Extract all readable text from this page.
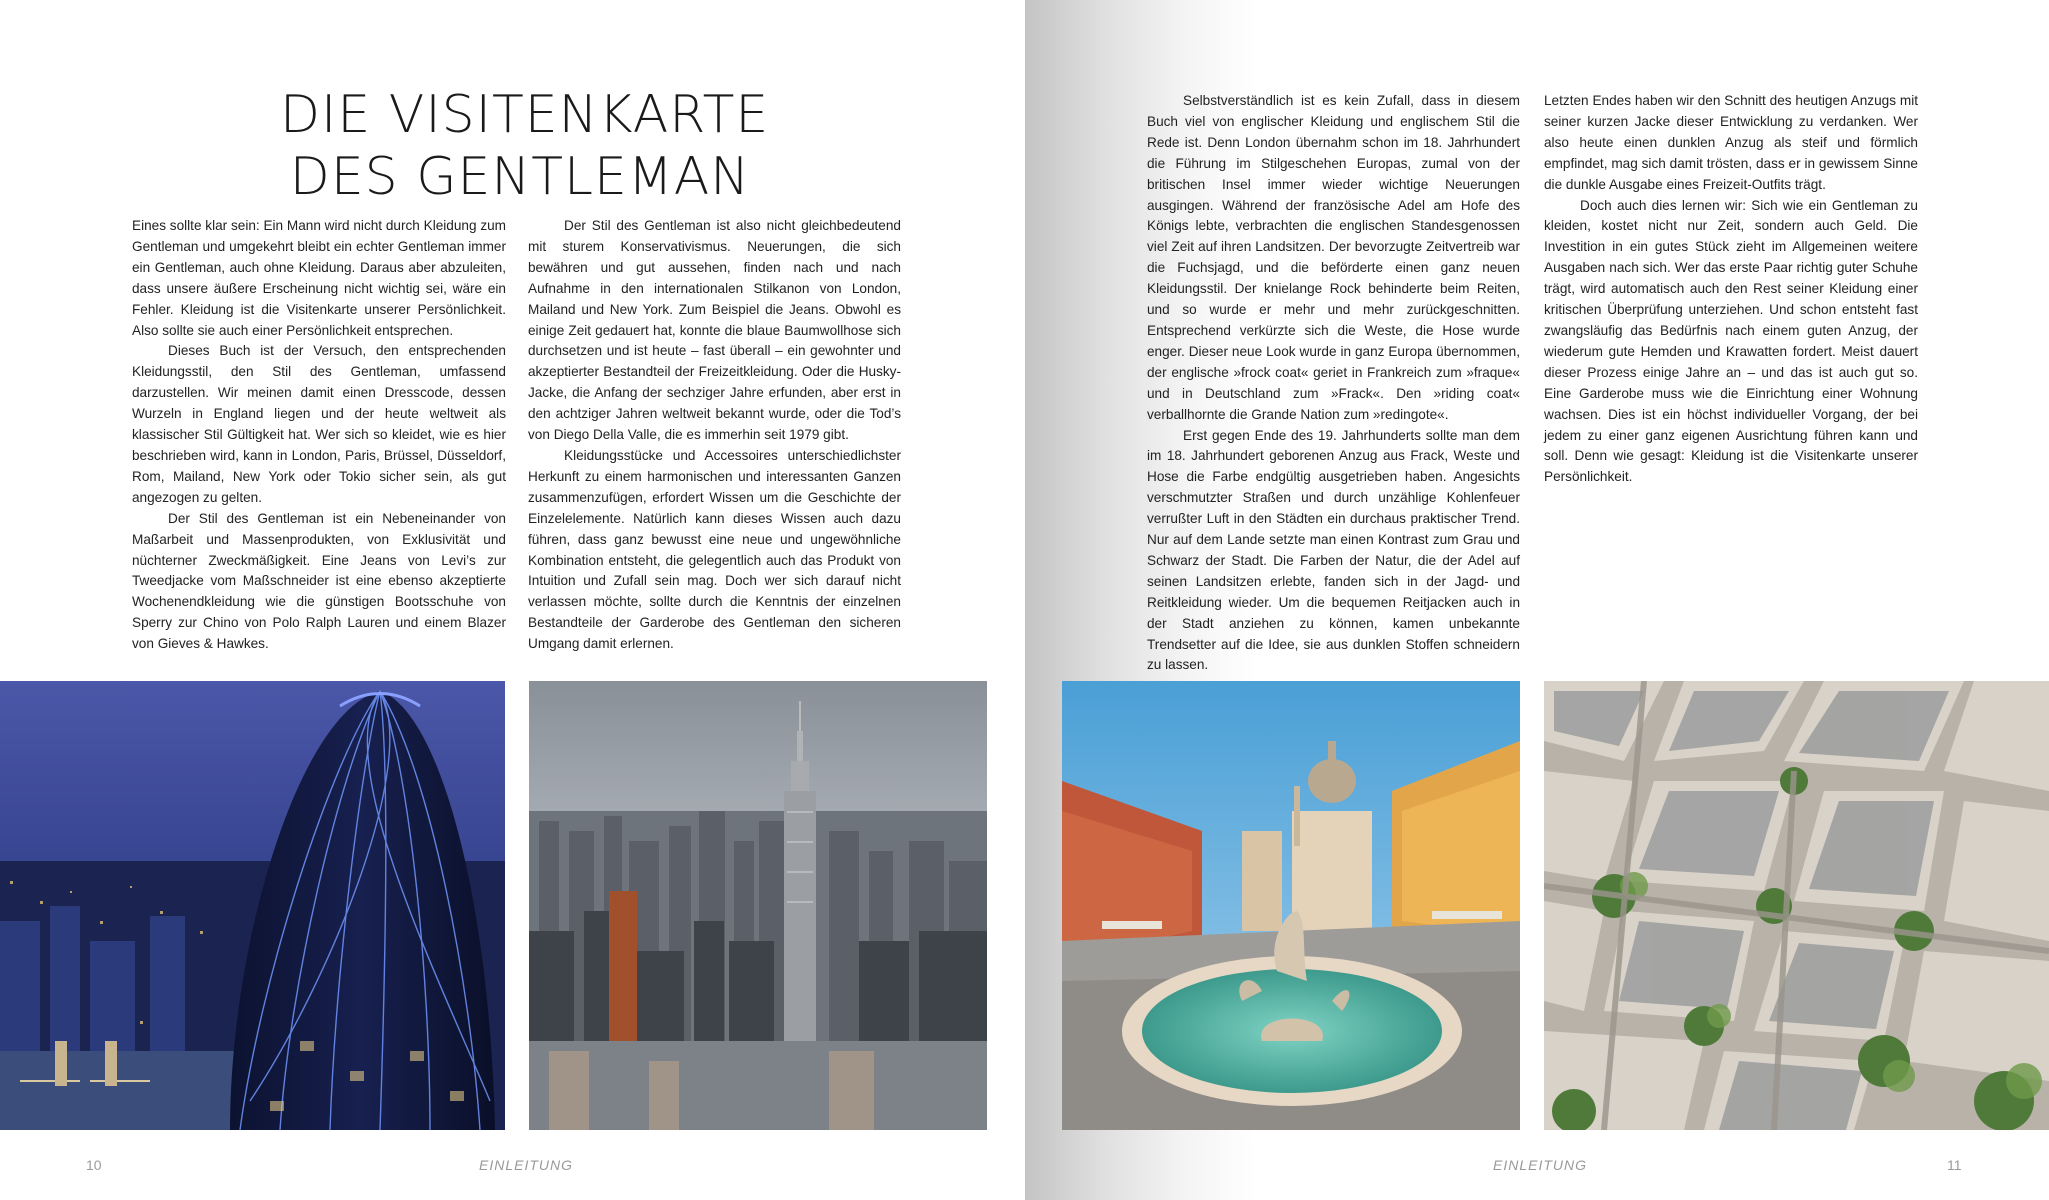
DIE VISITENKARTE
DES GENTLEMAN

Eines sollte klar sein: Ein Mann wird nicht durch Kleidung zum Gentleman und umgekehrt bleibt ein echter Gentleman immer ein Gentleman, auch ohne Kleidung. Daraus aber abzuleiten, dass unsere äußere Erscheinung nicht wichtig sei, wäre ein Fehler. Kleidung ist die Visitenkarte unserer Persönlichkeit. Also sollte sie auch einer Persönlichkeit entsprechen.

Dieses Buch ist der Versuch, den entsprechenden Kleidungsstil, den Stil des Gentleman, umfassend darzustellen. Wir meinen damit einen Dresscode, dessen Wurzeln in England liegen und der heute weltweit als klassischer Stil Gültigkeit hat. Wer sich so kleidet, wie es hier beschrieben wird, kann in London, Paris, Brüssel, Düsseldorf, Rom, Mailand, New York oder Tokio sicher sein, als gut angezogen zu gelten.

Der Stil des Gentleman ist ein Nebeneinander von Maßarbeit und Massenprodukten, von Exklusivität und nüchterner Zweckmäßigkeit. Eine Jeans von Levi’s zur Tweedjacke vom Maßschneider ist eine ebenso akzeptierte Wochenendkleidung wie die günstigen Bootsschuhe von Sperry zur Chino von Polo Ralph Lauren und einem Blazer von Gieves & Hawkes.

Der Stil des Gentleman ist also nicht gleichbedeutend mit sturem Konservativismus. Neuerungen, die sich bewähren und gut aussehen, finden nach und nach Aufnahme in den internationalen Stilkanon von London, Mailand und New York. Zum Beispiel die Jeans. Obwohl es einige Zeit gedauert hat, konnte die blaue Baumwollhose sich durchsetzen und ist heute – fast überall – ein gewohnter und akzeptierter Bestandteil der Freizeitkleidung. Oder die Husky-Jacke, die Anfang der sechziger Jahre erfunden, aber erst in den achtziger Jahren weltweit bekannt wurde, oder die Tod’s von Diego Della Valle, die es immerhin seit 1979 gibt.

Kleidungsstücke und Accessoires unterschiedlichster Herkunft zu einem harmonischen und interessanten Ganzen zusammenzufügen, erfordert Wissen um die Geschichte der Einzelelemente. Natürlich kann dieses Wissen auch dazu führen, dass ganz bewusst eine neue und ungewöhnliche Kombination entsteht, die gelegentlich auch das Produkt von Intuition und Zufall sein mag. Doch wer sich darauf nicht verlassen möchte, sollte durch die Kenntnis der einzelnen Bestandteile der Garderobe des Gentleman den sicheren Umgang damit erlernen.

Selbstverständlich ist es kein Zufall, dass in diesem Buch viel von englischer Kleidung und englischem Stil die Rede ist. Denn London übernahm schon im 18. Jahrhundert die Führung im Stilgeschehen Europas, zumal von der britischen Insel immer wieder wichtige Neuerungen ausgingen. Während der französische Adel am Hofe des Königs lebte, verbrachten die englischen Standesgenossen viel Zeit auf ihren Landsitzen. Der bevorzugte Zeitvertreib war die Fuchsjagd, und die beförderte einen ganz neuen Kleidungsstil. Der knielange Rock behinderte beim Reiten, und so wurde er mehr und mehr zurückgeschnitten. Entsprechend verkürzte sich die Weste, die Hose wurde enger. Dieser neue Look wurde in ganz Europa übernommen, der englische »frock coat« geriet in Frankreich zum »fraque« und in Deutschland zum »Frack«. Den »riding coat« verballhornte die Grande Nation zum »redingote«.

Erst gegen Ende des 19. Jahrhunderts sollte man dem im 18. Jahrhundert geborenen Anzug aus Frack, Weste und Hose die Farbe endgültig ausgetrieben haben. Angesichts verschmutzter Straßen und durch unzählige Kohlenfeuer verrußter Luft in den Städten ein durchaus praktischer Trend. Nur auf dem Lande setzte man einen Kontrast zum Grau und Schwarz der Stadt. Die Farben der Natur, die der Adel auf seinen Landsitzen erlebte, fanden sich in der Jagd- und Reitkleidung wieder. Um die bequemen Reitjacken auch in der Stadt anziehen zu können, kamen unbekannte Trendsetter auf die Idee, sie aus dunklen Stoffen schneidern zu lassen.

Letzten Endes haben wir den Schnitt des heutigen Anzugs mit seiner kurzen Jacke dieser Entwicklung zu verdanken. Wer also heute einen dunklen Anzug als steif und förmlich empfindet, mag sich damit trösten, dass er in gewissem Sinne die dunkle Ausgabe eines Freizeit-Outfits trägt.

Doch auch dies lernen wir: Sich wie ein Gentleman zu kleiden, kostet nicht nur Zeit, sondern auch Geld. Die Investition in ein gutes Stück zieht im Allgemeinen weitere Ausgaben nach sich. Wer das erste Paar richtig guter Schuhe trägt, wird automatisch auch den Rest seiner Kleidung einer kritischen Überprüfung unterziehen. Und schon entsteht fast zwangsläufig das Bedürfnis nach einem guten Anzug, der wiederum gute Hemden und Krawatten fordert. Meist dauert dieser Prozess einige Jahre an – und das ist auch gut so. Eine Garderobe muss wie die Einrichtung einer Wohnung wachsen. Dies ist ein höchst individueller Vorgang, der bei jedem zu einer ganz eigenen Ausrichtung führen kann und soll. Denn wie gesagt: Kleidung ist die Visitenkarte unserer Persönlichkeit.

10	EINLEITUNG	EINLEITUNG	11
